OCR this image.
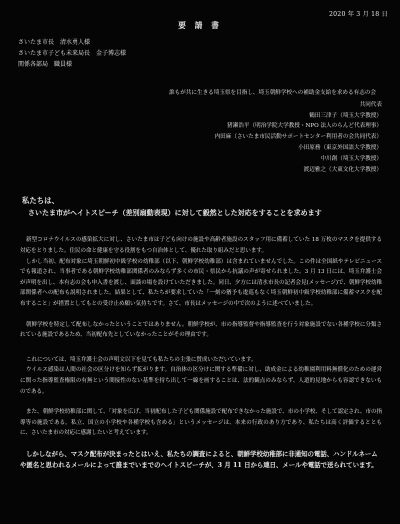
2020 年 3 月 18 日
要 請 書
さいたま市長　清水勇人様
さいたま市子ども未来局長　金子博志様
関係各部局　職員様
誰もが共に生きる埼玉県を目指し、埼玉朝鮮学校への補助金支給を求める有志の会
共同代表
鶴田三津子（埼玉大学教授）
猪瀬浩平（明治学院大学教授・NPO 法人のらんど代表理事）
内田麻（さいたま市民活動サポートセンター利用者の会共同代表）
小田原務（東京外国語大学教授）
中川創（埼玉大学教授）
渡辺雅之（大東文化大学教授）
私たちは、
さいたま市がヘイトスピーチ（差別扇動表現）に対して毅然とした対応をすることを求めます

新型コロナウイルスの感染拡大に対し、さいたま市は子ども向けの施設や高齢者施設のスタッフ用に備蓄していた 18 万枚のマスクを提供する対応をとりました。住民の命と健康を守る役割をもつ自治体として、優れた取り組みだと思います。

しかし当初、配布対象に埼玉朝鮮初中級学校の幼稚部（以下、朝鮮学校幼稚部）は含まれていませんでした。この件は全国紙やテレビニュースでも報道され、当事者である朝鮮学校幼稚部関係者のみならず多くの市民・県民から抗議の声が寄せられました。3 月 13 日には、埼玉弁護士会が声明を出し、本有志の会も申入書を渡し、面談の場を設けていただきました。同日、夕方には清水市長の記者会見(メッセージ)で、朝鮮学校幼稚部関係者への配布も説明されました。結果として、私たちが要求していた「一刻の猶予も逡巡もなく埼玉朝鮮初中級学校幼稚部に備蓄マスクを配布すること」が措置としてもとの受け止め願い気持ちです。さて、市長はメッセージの中で次のように述べていました。

朝鮮学校を特定して配布しなかったということではありません。朝鮮学校が、市の指導監督や指導監査を行う対象施設でない各種学校に分類されている施設であるため、当初配布先としていなかったことがその理由です。

これについては、埼玉弁護士会の声明文以下を見ても私たちの主張に賛成いただいています。

ウイルス感染は人間の社会の区分けを知らず拡がります。自治体の区分けに関する準備に対し、助成金による幼稚園利用料無償化のための運営に関った指導監査権限の有無という間接性のない基準を持ち出して一線を画することは、法的観点のみならず、人道的見地からも容認できないものである。

また、朝鮮学校幼稚部に関して、「対象を広げ、当初配布した子ども関係施設で配布できなかった施設で、市の小学校、そして認定され、市の指導等の施設である。私立、国立の小学校や各種学校も含める」というメッセージは、本来の行政のあり方であり、私たちは高く評価するとともに、さいたま市の対応に感謝したいと考えています。

しかしながら、マスク配布が決まったとはいえ、私たちの調査によると、朝鮮学校幼稚部に非通知の電話、ハンドルネームや匿名と思われるメールによって誰までいまでのヘイトスピーチが、3 月 11 日から連日、メールや電話で送られています。
